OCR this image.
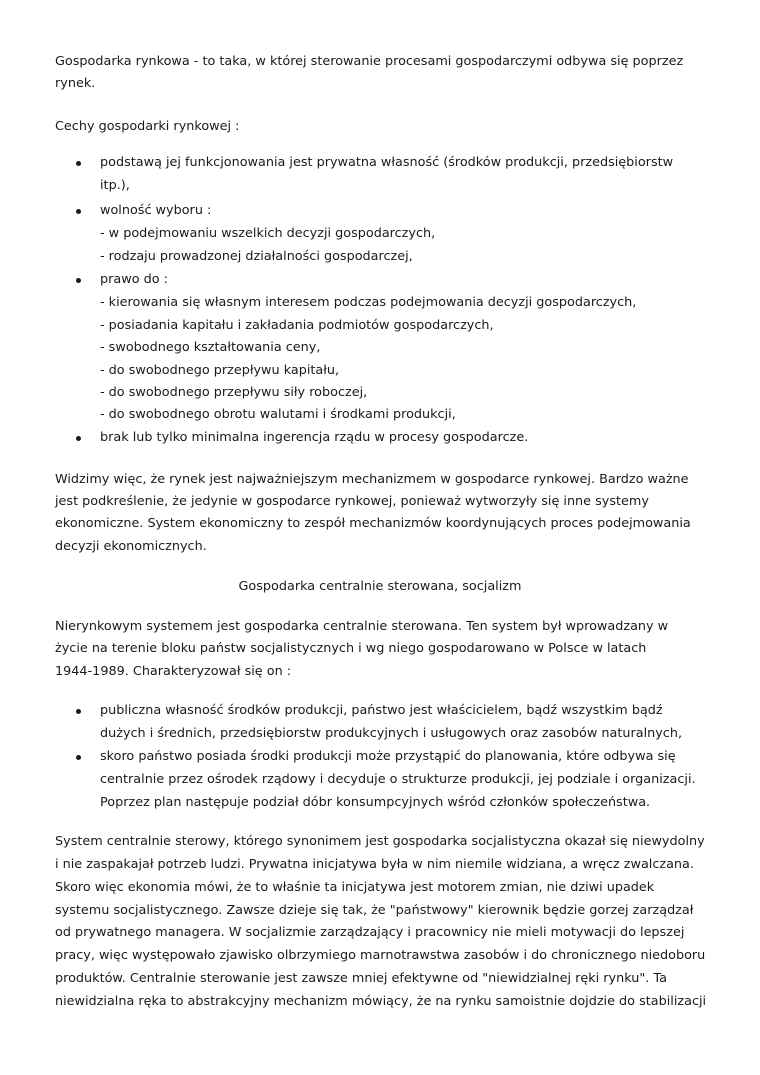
Gospodarka rynkowa - to taka, w której sterowanie procesami gospodarczymi odbywa się poprzez
rynek.
Cechy gospodarki rynkowej :
podstawą jej funkcjonowania jest prywatna własność (środków produkcji, przedsiębiorstw
itp.),
wolność wyboru :
- w podejmowaniu wszelkich decyzji gospodarczych,
- rodzaju prowadzonej działalności gospodarczej,
prawo do :
- kierowania się własnym interesem podczas podejmowania decyzji gospodarczych,
- posiadania kapitału i zakładania podmiotów gospodarczych,
- swobodnego kształtowania ceny,
- do swobodnego przepływu kapitału,
- do swobodnego przepływu siły roboczej,
- do swobodnego obrotu walutami i środkami produkcji,
brak lub tylko minimalna ingerencja rządu w procesy gospodarcze.
Widzimy więc, że rynek jest najważniejszym mechanizmem w gospodarce rynkowej. Bardzo ważne
jest podkreślenie, że jedynie w gospodarce rynkowej, ponieważ wytworzyły się inne systemy
ekonomiczne. System ekonomiczny to zespół mechanizmów koordynujących proces podejmowania
decyzji ekonomicznych.
Gospodarka centralnie sterowana, socjalizm
Nierynkowym systemem jest gospodarka centralnie sterowana. Ten system był wprowadzany w
życie na terenie bloku państw socjalistycznych i wg niego gospodarowano w Polsce w latach
1944-1989. Charakteryzował się on :
publiczna własność środków produkcji, państwo jest właścicielem, bądź wszystkim bądź
dużych i średnich, przedsiębiorstw produkcyjnych i usługowych oraz zasobów naturalnych,
skoro państwo posiada środki produkcji może przystąpić do planowania, które odbywa się
centralnie przez ośrodek rządowy i decyduje o strukturze produkcji, jej podziale i organizacji.
Poprzez plan następuje podział dóbr konsumpcyjnych wśród członków społeczeństwa.
System centralnie sterowy, którego synonimem jest gospodarka socjalistyczna okazał się niewydolny
i nie zaspakajał potrzeb ludzi. Prywatna inicjatywa była w nim niemile widziana, a wręcz zwalczana.
Skoro więc ekonomia mówi, że to właśnie ta inicjatywa jest motorem zmian, nie dziwi upadek
systemu socjalistycznego. Zawsze dzieje się tak, że "państwowy" kierownik będzie gorzej zarządzał
od prywatnego managera. W socjalizmie zarządzający i pracownicy nie mieli motywacji do lepszej
pracy, więc występowało zjawisko olbrzymiego marnotrawstwa zasobów i do chronicznego niedoboru
produktów. Centralnie sterowanie jest zawsze mniej efektywne od "niewidzialnej ręki rynku". Ta
niewidzialna ręka to abstrakcyjny mechanizm mówiący, że na rynku samoistnie dojdzie do stabilizacji
